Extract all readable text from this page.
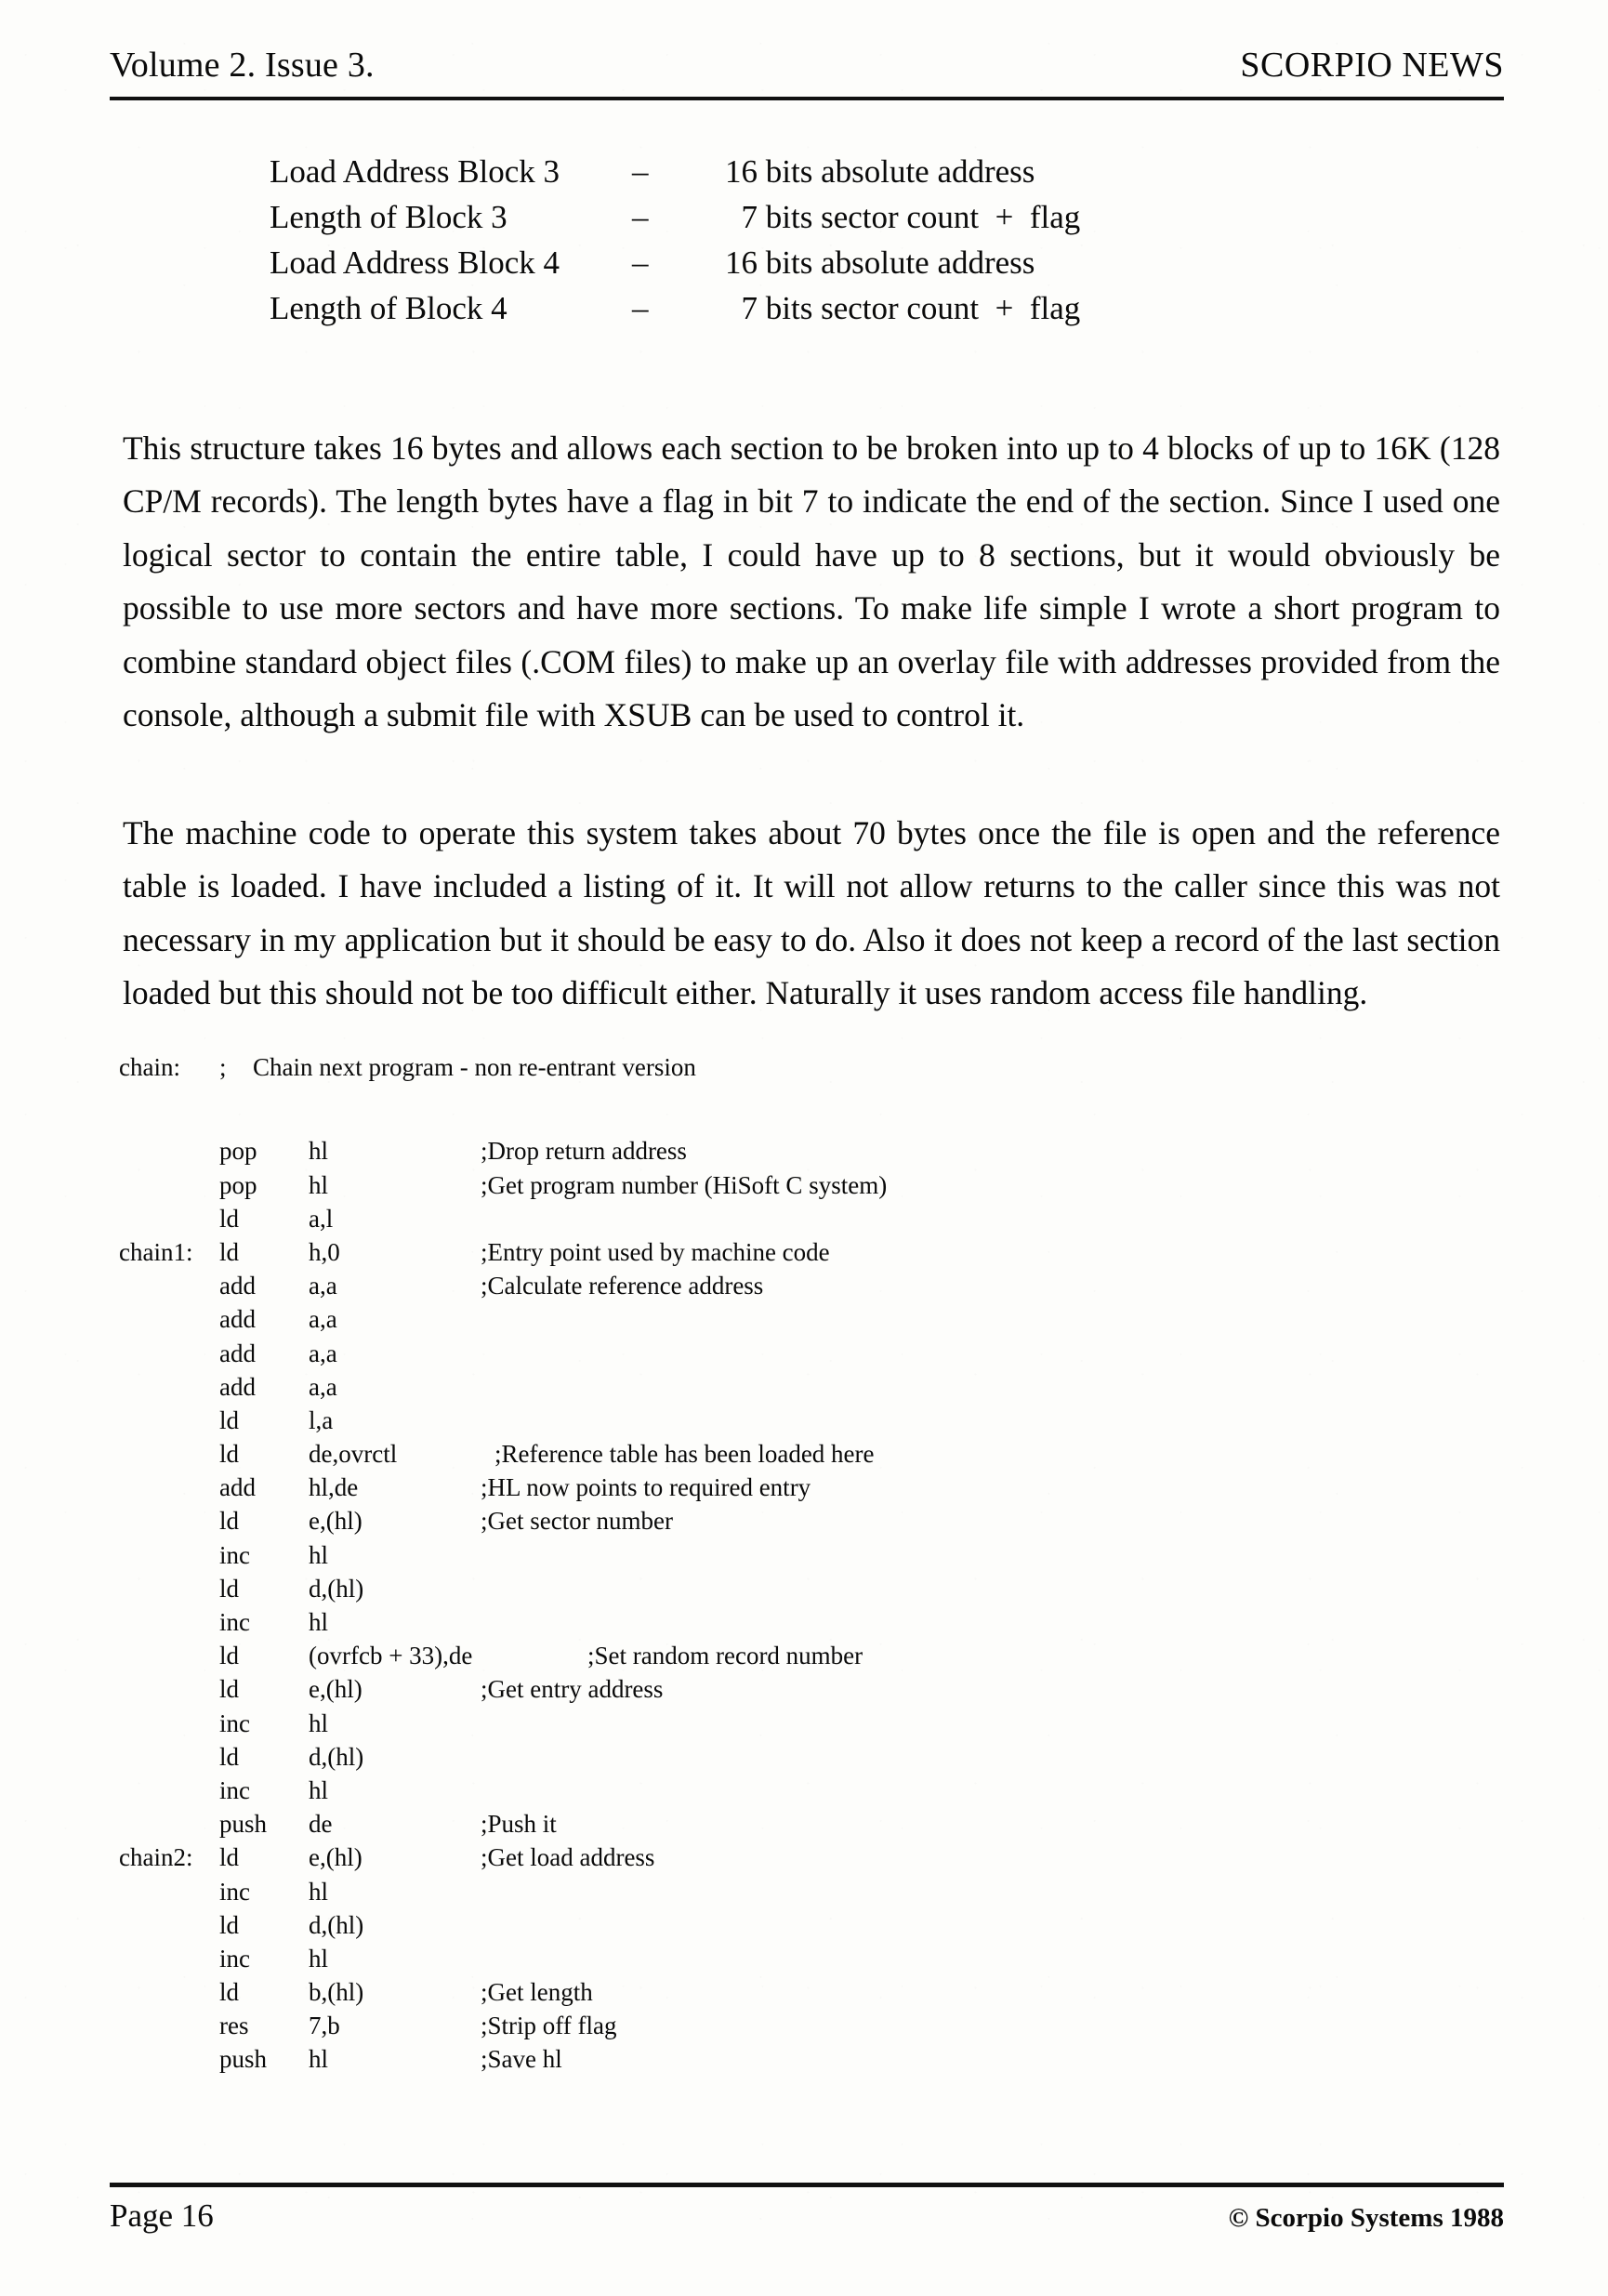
Volume 2. Issue 3.	SCORPIO NEWS
Load Address Block 3	–	16 bits absolute address
Length of Block 3	–	7 bits sector count  +  flag
Load Address Block 4	–	16 bits absolute address
Length of Block 4	–	7 bits sector count  +  flag

This structure takes 16 bytes and allows each section to be broken into up to 4 blocks of up to 16K (128 CP/M records). The length bytes have a flag in bit 7 to indicate the end of the section. Since I used one logical sector to contain the entire table, I could have up to 8 sections, but it would obviously be possible to use more sectors and have more sections. To make life simple I wrote a short program to combine standard object files (.COM files) to make up an overlay file with addresses provided from the console, although a submit file with XSUB can be used to control it.

The machine code to operate this system takes about 70 bytes once the file is open and the reference table is loaded. I have included a listing of it. It will not allow returns to the caller since this was not necessary in my application but it should be easy to do. Also it does not keep a record of the last section loaded but this should not be too difficult either. Naturally it uses random access file handling.

chain:	;	Chain next program - non re-entrant version
pop	hl	;Drop return address
pop	hl	;Get program number (HiSoft C system)
ld	a,l
chain1:	ld	h,0	;Entry point used by machine code
add	a,a	;Calculate reference address
add	a,a
add	a,a
add	a,a
ld	l,a
ld	de,ovrctl	;Reference table has been loaded here
add	hl,de	;HL now points to required entry
ld	e,(hl)	;Get sector number
inc	hl
ld	d,(hl)
inc	hl
ld	(ovrfcb + 33),de	;Set random record number
ld	e,(hl)	;Get entry address
inc	hl
ld	d,(hl)
inc	hl
push	de	;Push it
chain2:	ld	e,(hl)	;Get load address
inc	hl
ld	d,(hl)
inc	hl
ld	b,(hl)	;Get length
res	7,b	;Strip off flag
push	hl	;Save hl
Page 16	© Scorpio Systems 1988
